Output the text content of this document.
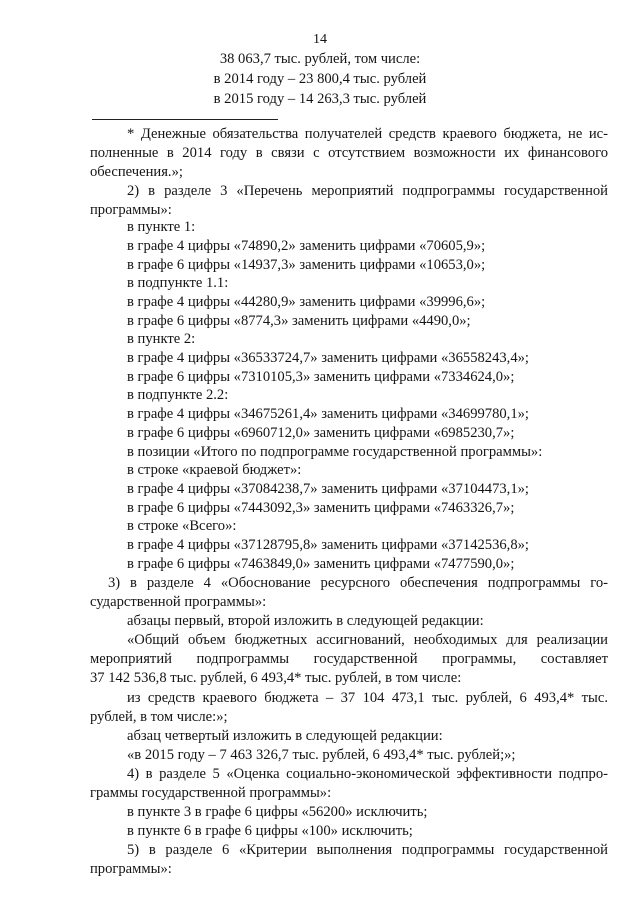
14
38 063,7 тыс. рублей, том числе:
в 2014 году – 23 800,4 тыс. рублей
в 2015 году – 14 263,3 тыс. рублей
* Денежные обязательства получателей средств краевого бюджета, не ис-
полненные в 2014 году в связи с отсутствием возможности их финансового
обеспечения.»;
2) в разделе 3 «Перечень мероприятий подпрограммы государственной
программы»:
в пункте 1:
в графе 4 цифры «74890,2» заменить цифрами «70605,9»;
в графе 6 цифры «14937,3» заменить цифрами «10653,0»;
в подпункте 1.1:
в графе 4 цифры «44280,9» заменить цифрами «39996,6»;
в графе 6 цифры «8774,3» заменить цифрами «4490,0»;
в пункте 2:
в графе 4 цифры «36533724,7» заменить цифрами «36558243,4»;
в графе 6 цифры «7310105,3» заменить цифрами «7334624,0»;
в подпункте 2.2:
в графе 4 цифры «34675261,4» заменить цифрами «34699780,1»;
в графе 6 цифры «6960712,0» заменить цифрами «6985230,7»;
в позиции «Итого по подпрограмме государственной программы»:
в строке «краевой бюджет»:
в графе 4 цифры «37084238,7» заменить цифрами «37104473,1»;
в графе 6 цифры «7443092,3» заменить цифрами «7463326,7»;
в строке «Всего»:
в графе 4 цифры «37128795,8» заменить цифрами «37142536,8»;
в графе 6 цифры «7463849,0» заменить цифрами «7477590,0»;
3) в разделе 4 «Обоснование ресурсного обеспечения подпрограммы го-
сударственной программы»:
абзацы первый, второй изложить в следующей редакции:
«Общий объем бюджетных ассигнований, необходимых для реализации
мероприятий подпрограммы государственной программы, составляет
37 142 536,8 тыс. рублей, 6 493,4* тыс. рублей, в том числе:
из средств краевого бюджета – 37 104 473,1 тыс. рублей, 6 493,4* тыс.
рублей, в том числе:»;
абзац четвертый изложить в следующей редакции:
«в 2015 году – 7 463 326,7 тыс. рублей, 6 493,4* тыс. рублей;»;
4) в разделе 5 «Оценка социально-экономической эффективности подпро-
граммы государственной программы»:
в пункте 3 в графе 6 цифры «56200» исключить;
в пункте 6 в графе 6 цифры «100» исключить;
5) в разделе 6 «Критерии выполнения подпрограммы государственной
программы»:
